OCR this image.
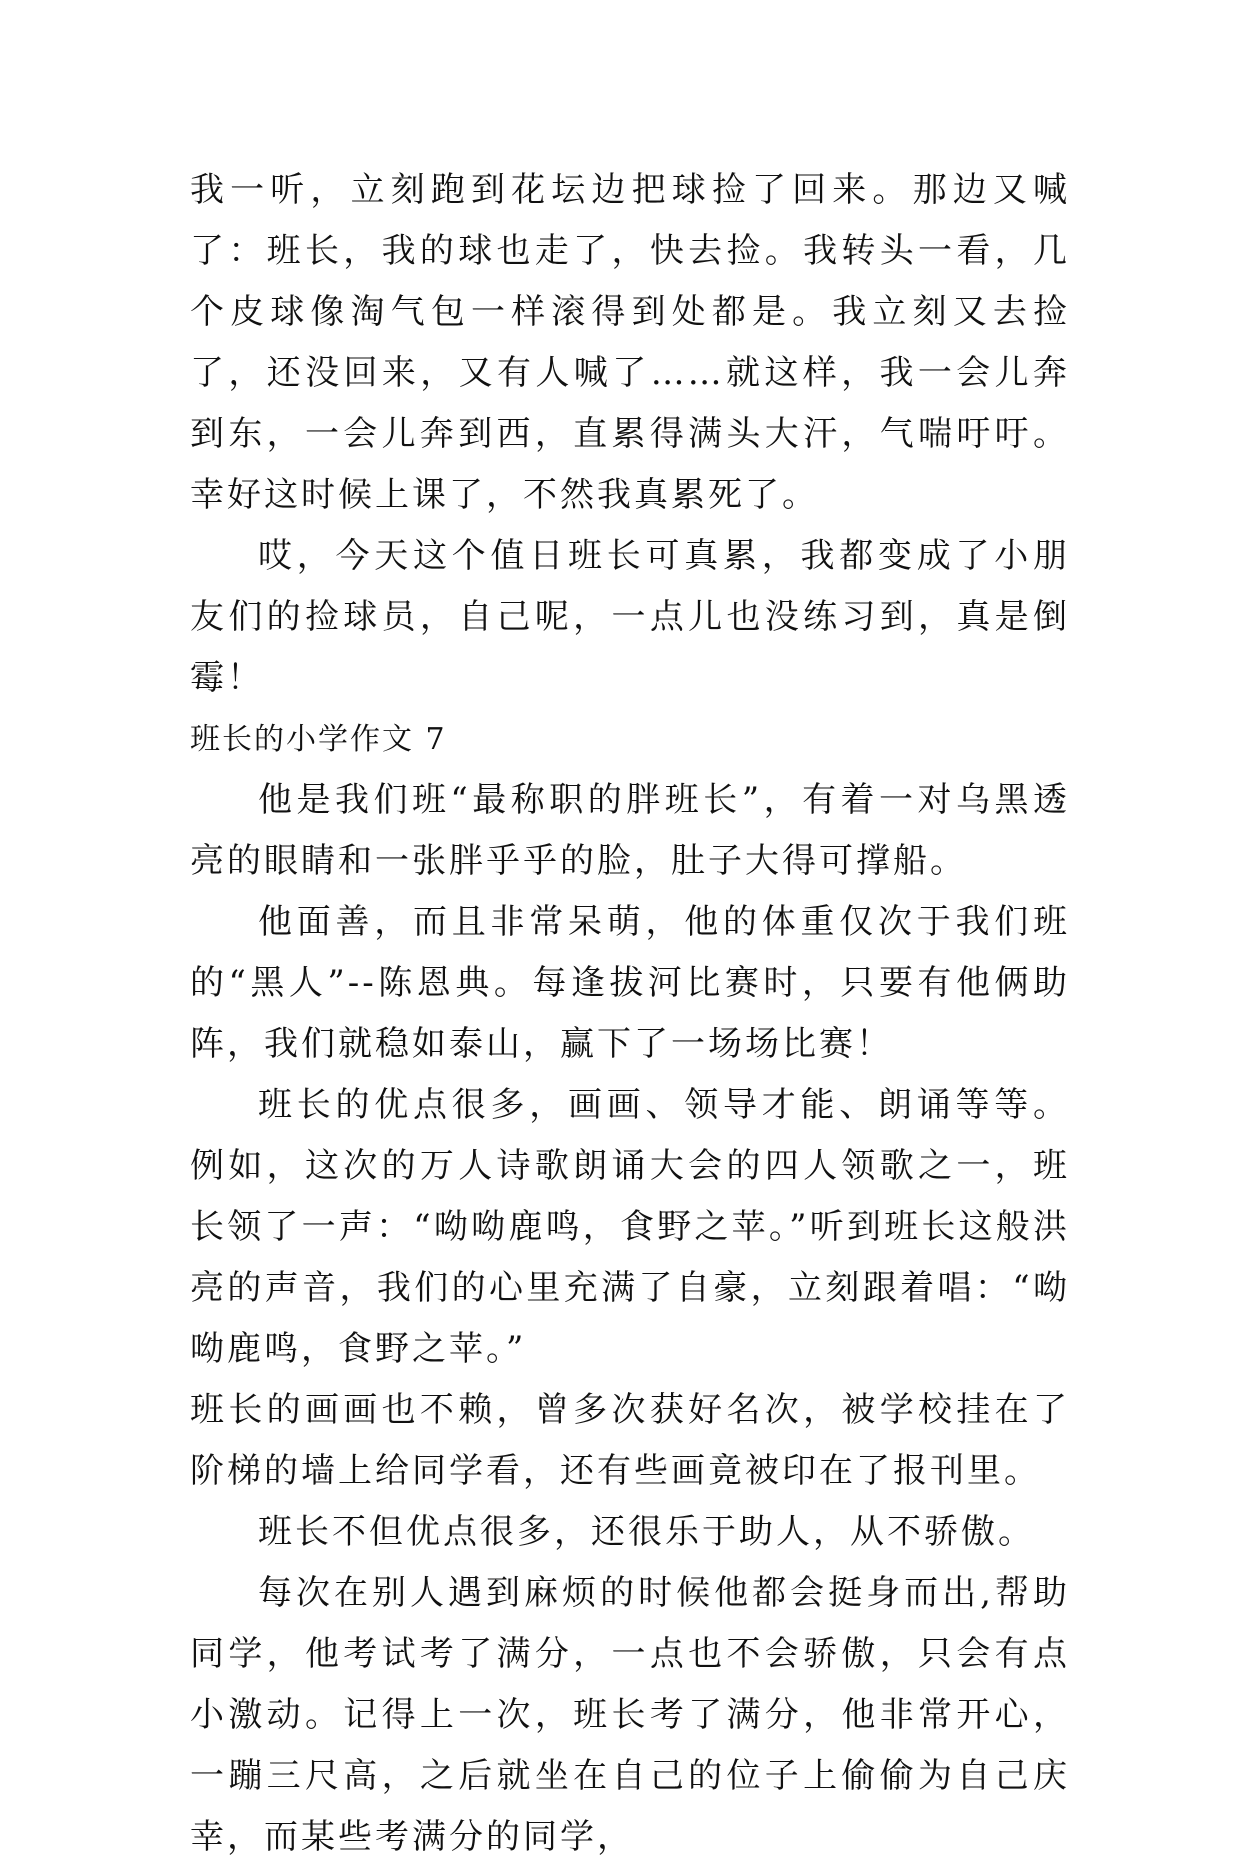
我一听，立刻跑到花坛边把球捡了回来。那边又喊了：班长，我的球也走了，快去捡。我转头一看，几个皮球像淘气包一样滚得到处都是。我立刻又去捡了，还没回来，又有人喊了……就这样，我一会儿奔到东，一会儿奔到西，直累得满头大汗，气喘吁吁。幸好这时候上课了，不然我真累死了。

哎，今天这个值日班长可真累，我都变成了小朋友们的捡球员，自己呢，一点儿也没练习到，真是倒霉！

班长的小学作文 7

他是我们班“最称职的胖班长”，有着一对乌黑透亮的眼睛和一张胖乎乎的脸，肚子大得可撑船。

他面善，而且非常呆萌，他的体重仅次于我们班的“黑人”--陈恩典。每逢拔河比赛时，只要有他俩助阵，我们就稳如泰山，赢下了一场场比赛！

班长的优点很多，画画、领导才能、朗诵等等。例如，这次的万人诗歌朗诵大会的四人领歌之一，班长领了一声：“呦呦鹿鸣，食野之苹。”听到班长这般洪亮的声音，我们的心里充满了自豪，立刻跟着唱：“呦呦鹿鸣，食野之苹。”

班长的画画也不赖，曾多次获好名次，被学校挂在了阶梯的墙上给同学看，还有些画竟被印在了报刊里。

班长不但优点很多，还很乐于助人，从不骄傲。

每次在别人遇到麻烦的时候他都会挺身而出,帮助同学，他考试考了满分，一点也不会骄傲，只会有点小激动。记得上一次，班长考了满分，他非常开心，一蹦三尺高，之后就坐在自己的位子上偷偷为自己庆幸，而某些考满分的同学，
